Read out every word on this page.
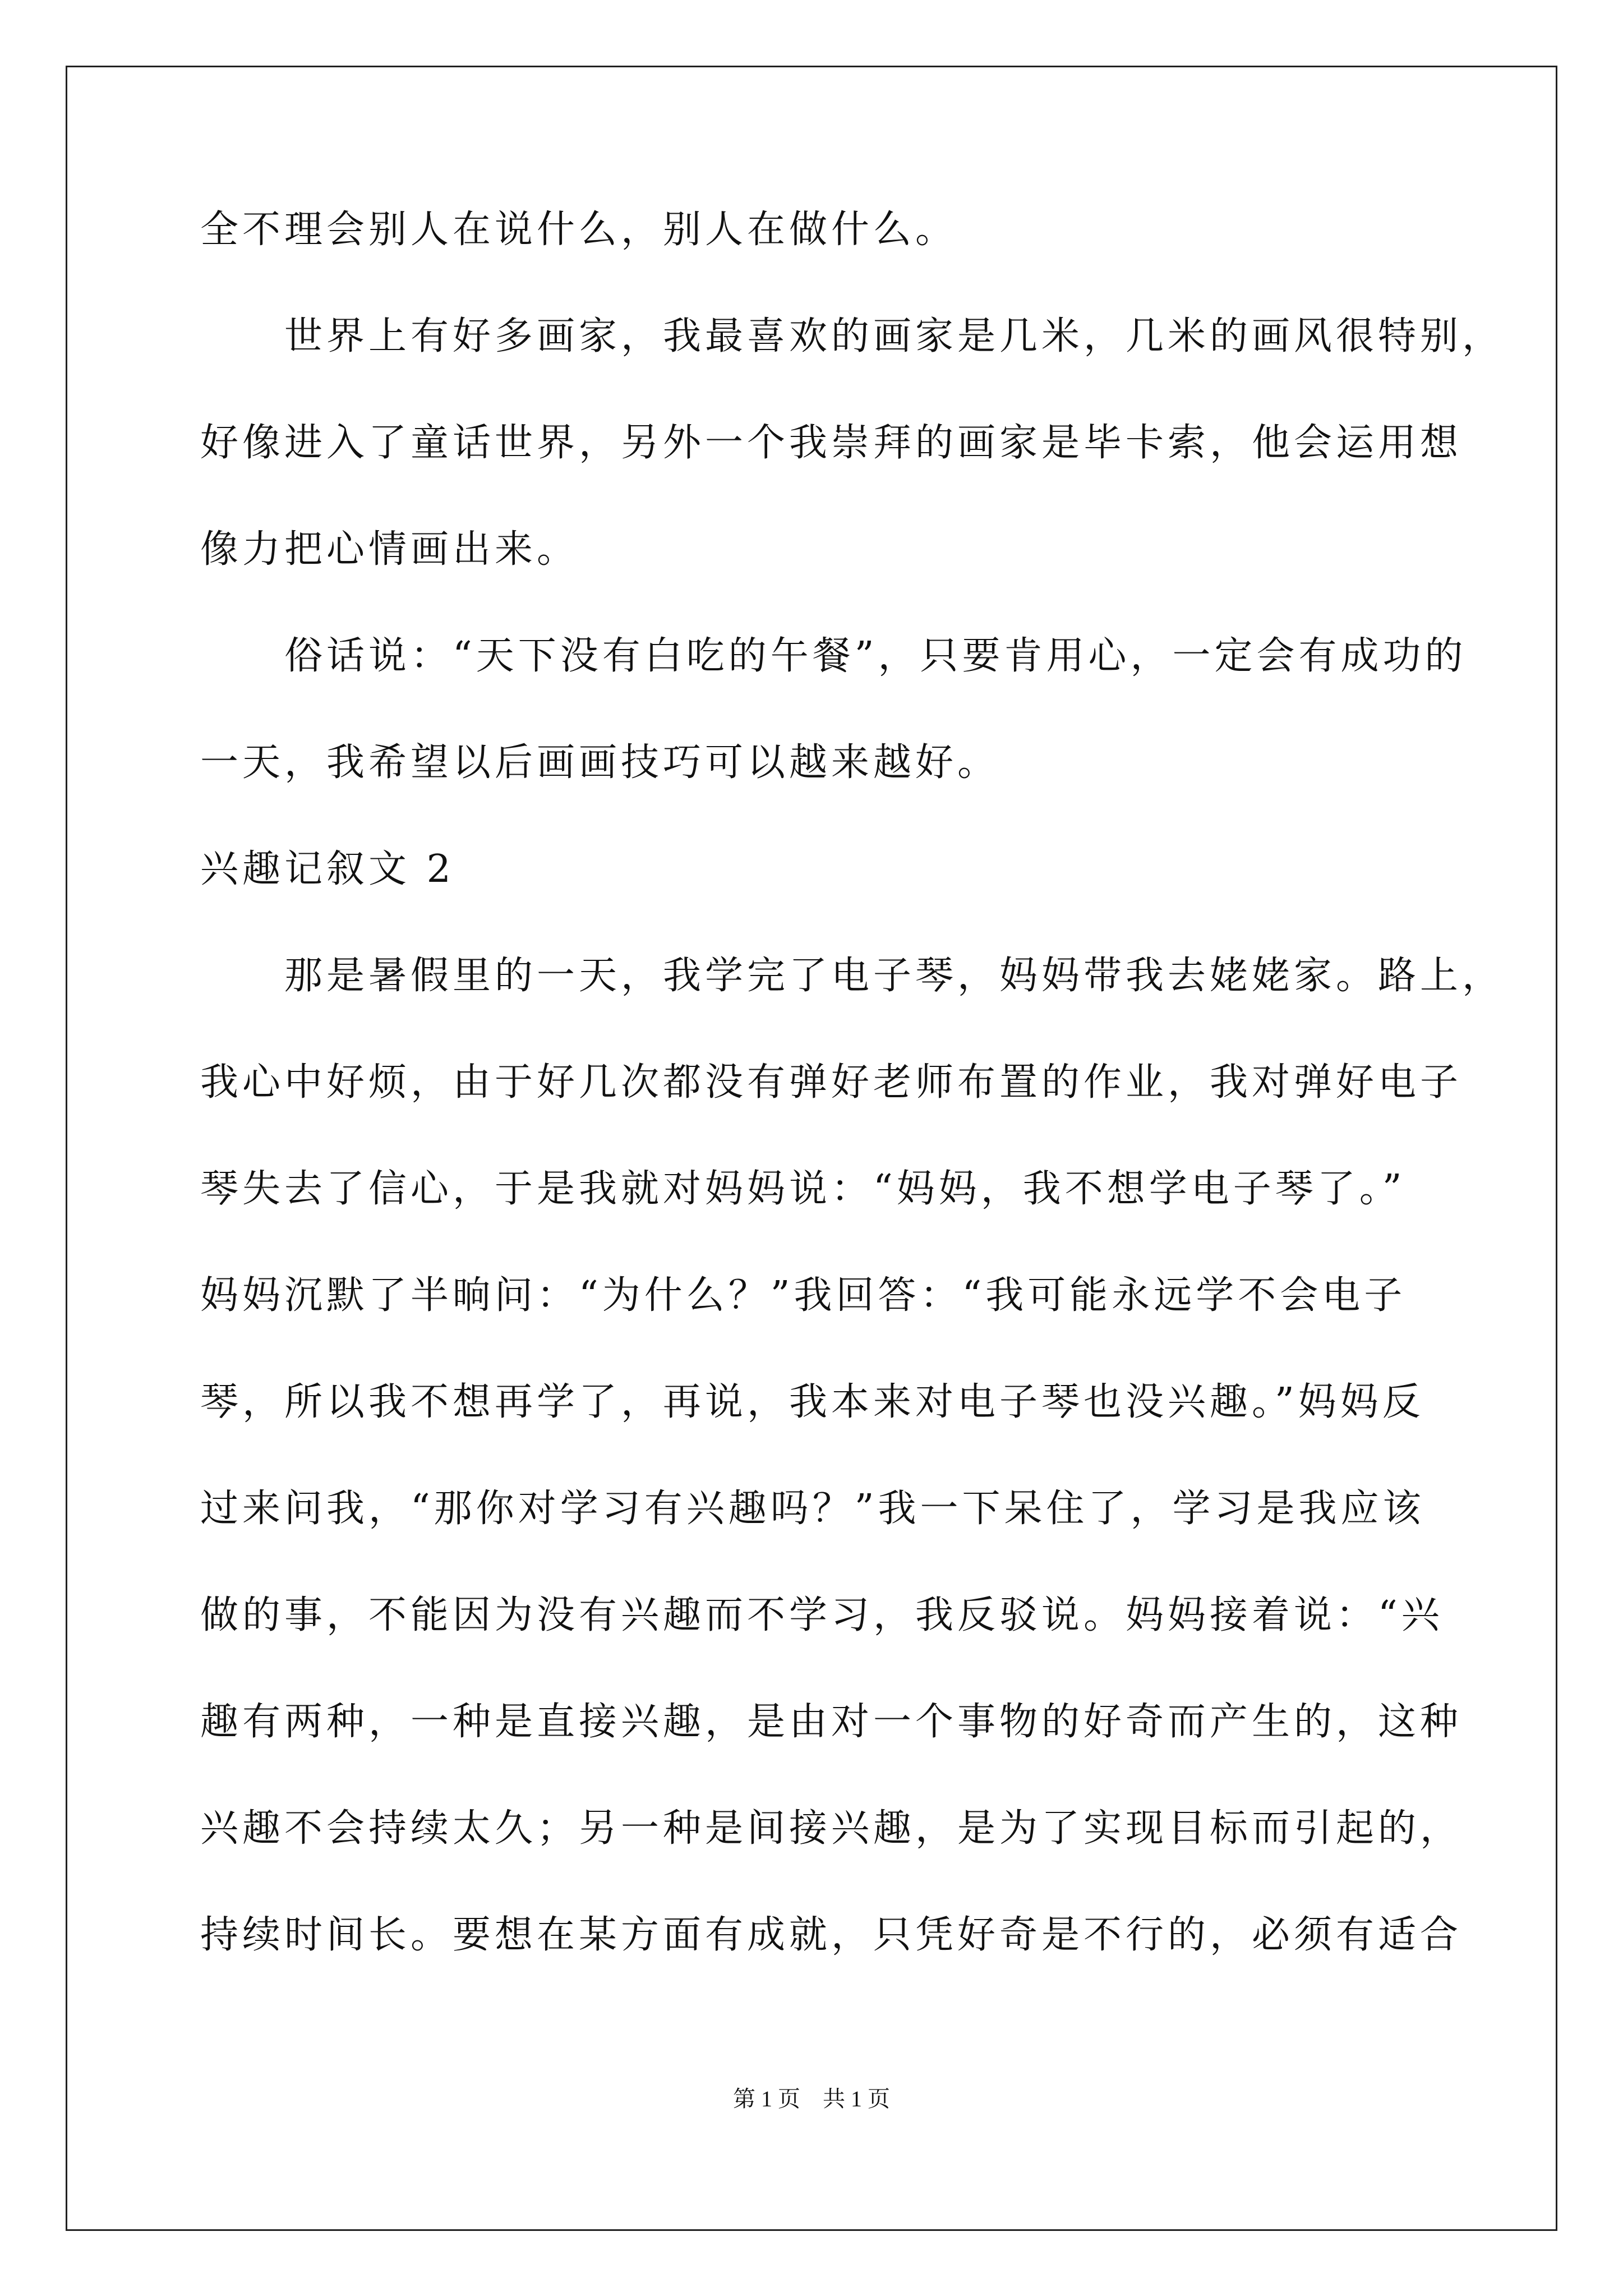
全不理会别人在说什么，别人在做什么。
　　世界上有好多画家，我最喜欢的画家是几米，几米的画风很特别，
好像进入了童话世界，另外一个我崇拜的画家是毕卡索，他会运用想
像力把心情画出来。
　　俗话说：“天下没有白吃的午餐”，只要肯用心，一定会有成功的
一天，我希望以后画画技巧可以越来越好。
兴趣记叙文 2
　　那是暑假里的一天，我学完了电子琴，妈妈带我去姥姥家。路上，
我心中好烦，由于好几次都没有弹好老师布置的作业，我对弹好电子
琴失去了信心，于是我就对妈妈说：“妈妈，我不想学电子琴了。”
妈妈沉默了半晌问：“为什么？”我回答：“我可能永远学不会电子
琴，所以我不想再学了，再说，我本来对电子琴也没兴趣。”妈妈反
过来问我，“那你对学习有兴趣吗？”我一下呆住了，学习是我应该
做的事，不能因为没有兴趣而不学习，我反驳说。妈妈接着说：“兴
趣有两种，一种是直接兴趣，是由对一个事物的好奇而产生的，这种
兴趣不会持续太久；另一种是间接兴趣，是为了实现目标而引起的，
持续时间长。要想在某方面有成就，只凭好奇是不行的，必须有适合
第 1 页　共 1 页
